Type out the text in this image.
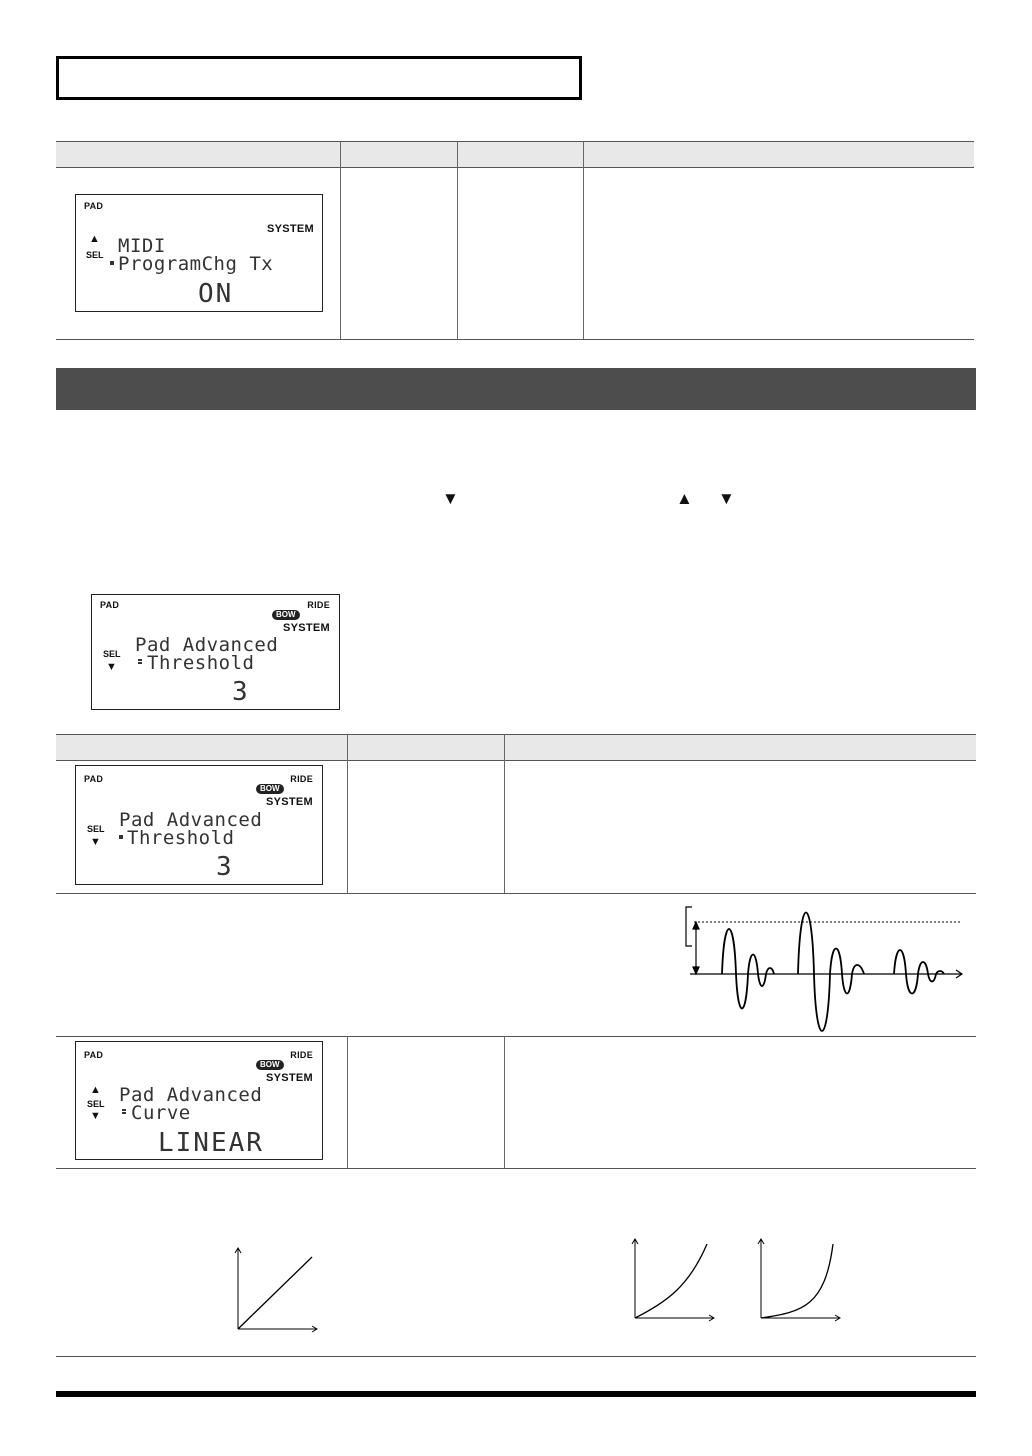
PAD
SYSTEM
▲
SEL MIDI
ProgramChg Tx
ON
▼	▲ ▼
PAD	RIDE
BOW
SYSTEM
SEL
▼
Pad Advanced
Threshold
3
PAD	RIDE
BOW
SYSTEM
SEL
▼
Pad Advanced
Threshold
3
PAD	RIDE
BOW
SYSTEM
▲
SEL
▼
Pad Advanced
Curve
LINEAR
